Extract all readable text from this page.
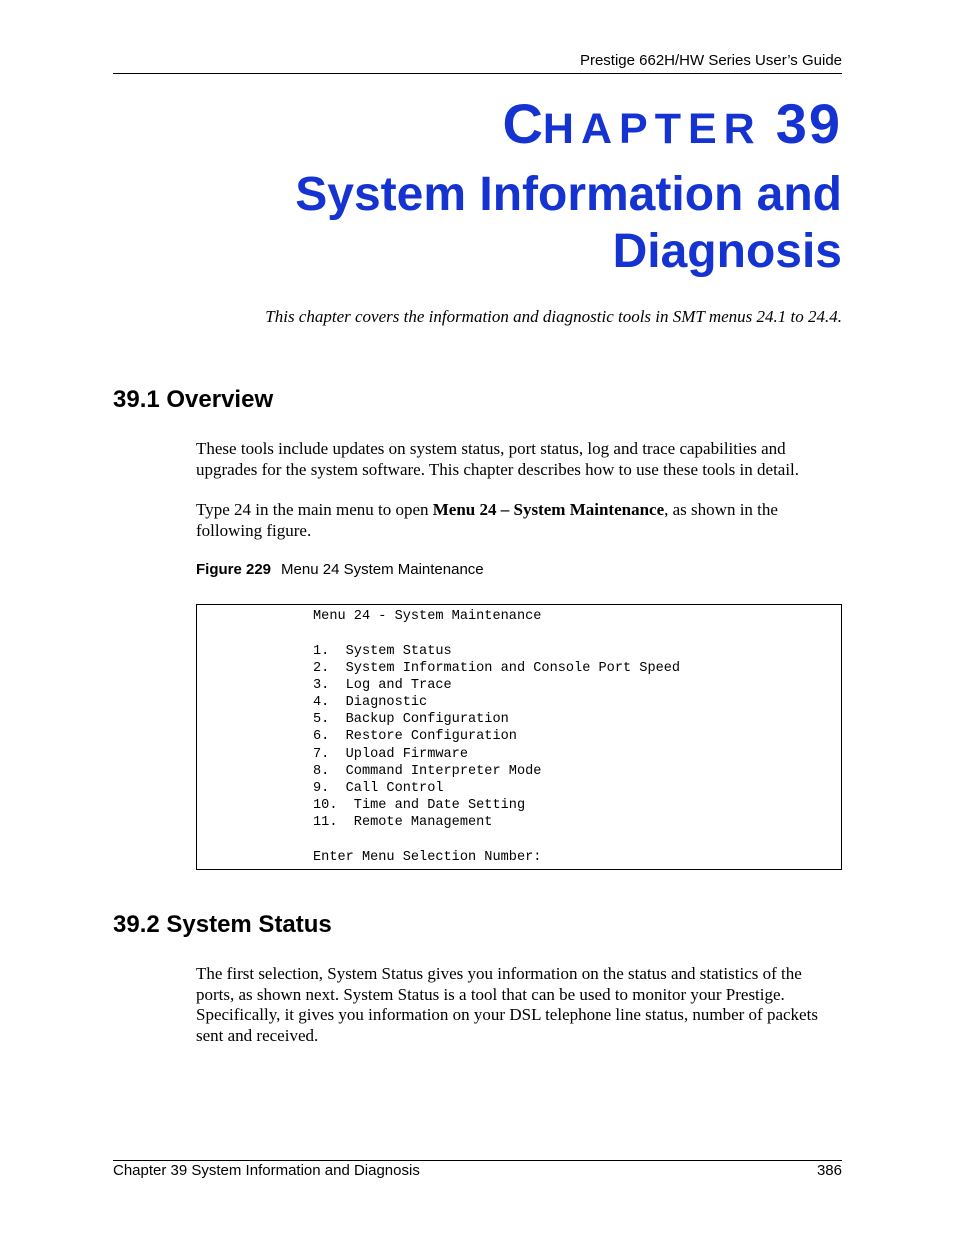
Prestige 662H/HW Series User’s Guide
CHAPTER 39
System Information and
Diagnosis
This chapter covers the information and diagnostic tools in SMT menus 24.1 to 24.4.
39.1 Overview
These tools include updates on system status, port status, log and trace capabilities and upgrades for the system software. This chapter describes how to use these tools in detail.
Type 24 in the main menu to open Menu 24 – System Maintenance, as shown in the following figure.
Figure 229 Menu 24 System Maintenance
Menu 24 - System Maintenance
1.  System Status
2.  System Information and Console Port Speed
3.  Log and Trace
4.  Diagnostic
5.  Backup Configuration
6.  Restore Configuration
7.  Upload Firmware
8.  Command Interpreter Mode
9.  Call Control
10.  Time and Date Setting
11.  Remote Management
Enter Menu Selection Number:
39.2 System Status
The first selection, System Status gives you information on the status and statistics of the ports, as shown next. System Status is a tool that can be used to monitor your Prestige. Specifically, it gives you information on your DSL telephone line status, number of packets sent and received.
Chapter 39 System Information and Diagnosis	386
